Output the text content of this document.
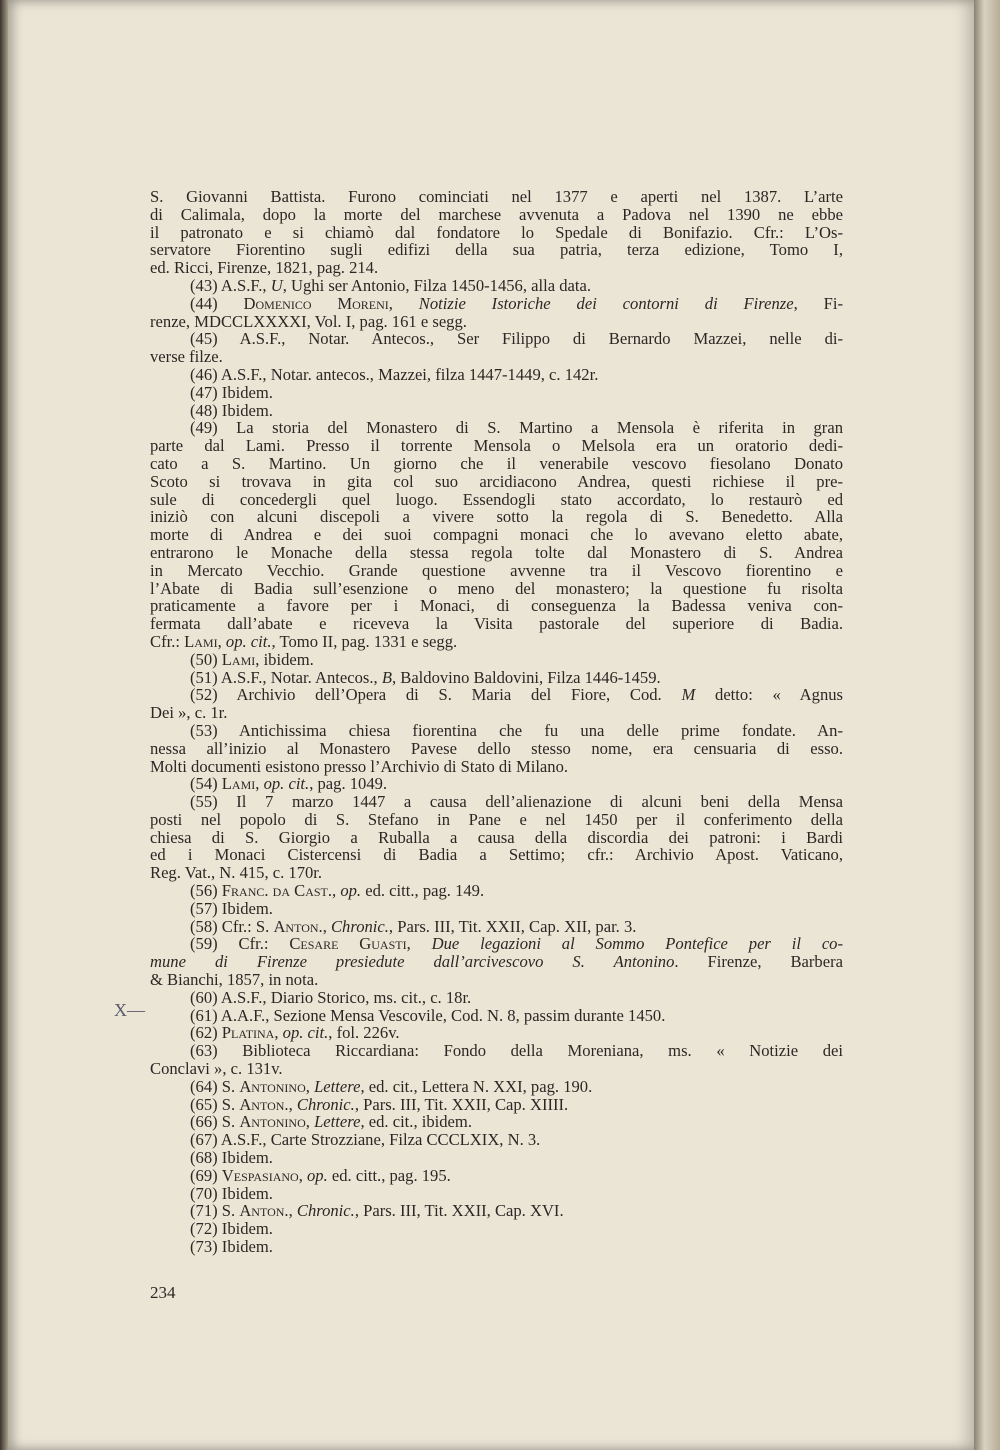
S. Giovanni Battista. Furono cominciati nel 1377 e aperti nel 1387. L’arte
di Calimala, dopo la morte del marchese avvenuta a Padova nel 1390 ne ebbe
il patronato e si chiamò dal fondatore lo Spedale di Bonifazio. Cfr.: L’Os-
servatore Fiorentino sugli edifizi della sua patria, terza edizione, Tomo I,
ed. Ricci, Firenze, 1821, pag. 214.
(43) A.S.F., U, Ughi ser Antonio, Filza 1450-1456, alla data.
(44) Domenico Moreni, Notizie Istoriche dei contorni di Firenze, Fi-
renze, MDCCLXXXXI, Vol. I, pag. 161 e segg.
(45) A.S.F., Notar. Antecos., Ser Filippo di Bernardo Mazzei, nelle di-
verse filze.
(46) A.S.F., Notar. antecos., Mazzei, filza 1447-1449, c. 142r.
(47) Ibidem.
(48) Ibidem.
(49) La storia del Monastero di S. Martino a Mensola è riferita in gran
parte dal Lami. Presso il torrente Mensola o Melsola era un oratorio dedi-
cato a S. Martino. Un giorno che il venerabile vescovo fiesolano Donato
Scoto si trovava in gita col suo arcidiacono Andrea, questi richiese il pre-
sule di concedergli quel luogo. Essendogli stato accordato, lo restaurò ed
iniziò con alcuni discepoli a vivere sotto la regola di S. Benedetto. Alla
morte di Andrea e dei suoi compagni monaci che lo avevano eletto abate,
entrarono le Monache della stessa regola tolte dal Monastero di S. Andrea
in Mercato Vecchio. Grande questione avvenne tra il Vescovo fiorentino e
l’Abate di Badia sull’esenzione o meno del monastero; la questione fu risolta
praticamente a favore per i Monaci, di conseguenza la Badessa veniva con-
fermata dall’abate e riceveva la Visita pastorale del superiore di Badia.
Cfr.: Lami, op. cit., Tomo II, pag. 1331 e segg.
(50) Lami, ibidem.
(51) A.S.F., Notar. Antecos., B, Baldovino Baldovini, Filza 1446-1459.
(52) Archivio dell’Opera di S. Maria del Fiore, Cod. M detto: « Agnus
Dei », c. 1r.
(53) Antichissima chiesa fiorentina che fu una delle prime fondate. An-
nessa all’inizio al Monastero Pavese dello stesso nome, era censuaria di esso.
Molti documenti esistono presso l’Archivio di Stato di Milano.
(54) Lami, op. cit., pag. 1049.
(55) Il 7 marzo 1447 a causa dell’alienazione di alcuni beni della Mensa
posti nel popolo di S. Stefano in Pane e nel 1450 per il conferimento della
chiesa di S. Giorgio a Ruballa a causa della discordia dei patroni: i Bardi
ed i Monaci Cistercensi di Badia a Settimo; cfr.: Archivio Apost. Vaticano,
Reg. Vat., N. 415, c. 170r.
(56) Franc. da Cast., op. ed. citt., pag. 149.
(57) Ibidem.
(58) Cfr.: S. Anton., Chronic., Pars. III, Tit. XXII, Cap. XII, par. 3.
(59) Cfr.: Cesare Guasti, Due legazioni al Sommo Pontefice per il co-
mune di Firenze presiedute dall’arcivescovo S. Antonino. Firenze, Barbera
& Bianchi, 1857, in nota.
(60) A.S.F., Diario Storico, ms. cit., c. 18r.
(61) A.A.F., Sezione Mensa Vescovile, Cod. N. 8, passim durante 1450.
(62) Platina, op. cit., fol. 226v.
(63) Biblioteca Riccardiana: Fondo della Moreniana, ms. « Notizie dei
Conclavi », c. 131v.
(64) S. Antonino, Lettere, ed. cit., Lettera N. XXI, pag. 190.
(65) S. Anton., Chronic., Pars. III, Tit. XXII, Cap. XIIII.
(66) S. Antonino, Lettere, ed. cit., ibidem.
(67) A.S.F., Carte Strozziane, Filza CCCLXIX, N. 3.
(68) Ibidem.
(69) Vespasiano, op. ed. citt., pag. 195.
(70) Ibidem.
(71) S. Anton., Chronic., Pars. III, Tit. XXII, Cap. XVI.
(72) Ibidem.
(73) Ibidem.
X—
234
